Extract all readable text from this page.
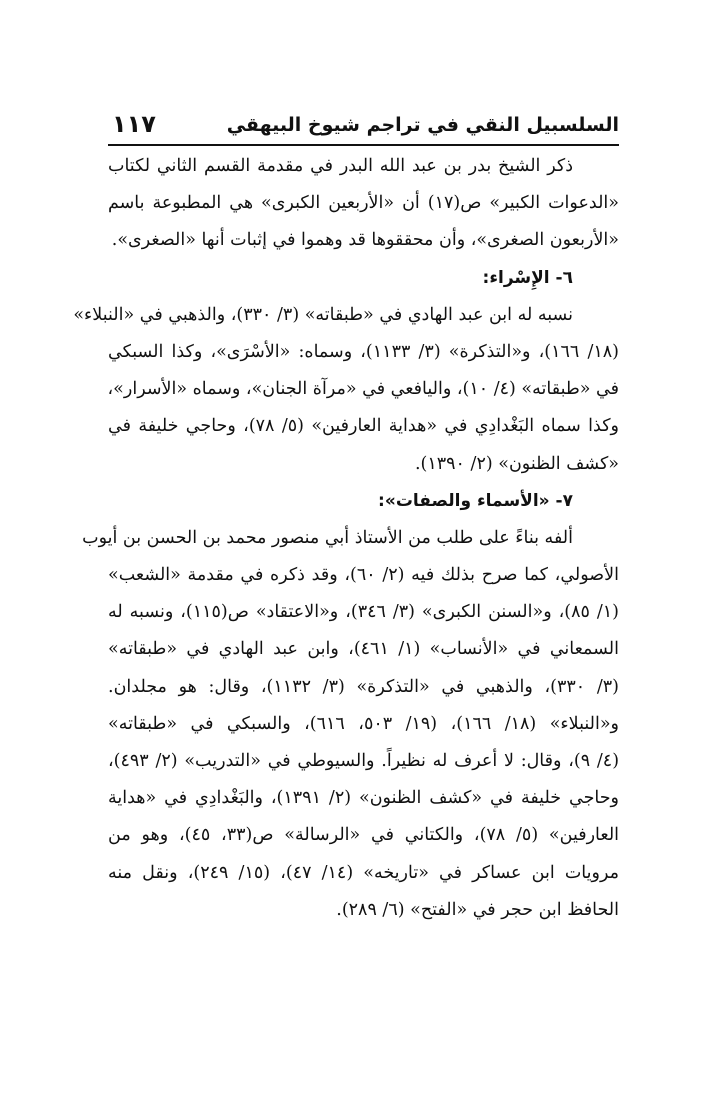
السلسبيل النقي في تراجم شيوخ البيهقي
١١٧
ذكر الشيخ بدر بن عبد الله البدر في مقدمة القسم الثاني لكتاب
«الدعوات الكبير» ص(١٧) أن «الأربعين الكبرى» هي المطبوعة باسم
«الأربعون الصغرى»، وأن محققوها قد وهموا في إثبات أنها «الصغرى».
٦- الإِسْراء:
نسبه له ابن عبد الهادي في «طبقاته» (٣/ ٣٣٠)، والذهبي في «النبلاء»
(١٨/ ١٦٦)، و«التذكرة» (٣/ ١١٣٣)، وسماه: «الأسْرَى»، وكذا السبكي
في «طبقاته» (٤/ ١٠)، واليافعي في «مرآة الجنان»، وسماه «الأسرار»،
وكذا سماه البَغْدادِي في «هداية العارفين» (٥/ ٧٨)، وحاجي خليفة في
«كشف الظنون» (٢/ ١٣٩٠).
٧- «الأسماء والصفات»:
ألفه بناءً على طلب من الأستاذ أبي منصور محمد بن الحسن بن أيوب
الأصولي، كما صرح بذلك فيه (٢/ ٦٠)، وقد ذكره في مقدمة «الشعب»
(١/ ٨٥)، و«السنن الكبرى» (٣/ ٣٤٦)، و«الاعتقاد» ص(١١٥)، ونسبه له
السمعاني في «الأنساب» (١/ ٤٦١)، وابن عبد الهادي في «طبقاته»
(٣/ ٣٣٠)، والذهبي في «التذكرة» (٣/ ١١٣٢)، وقال: هو مجلدان.
و«النبلاء» (١٨/ ١٦٦)، (١٩/ ٥٠٣، ٦١٦)، والسبكي في «طبقاته»
(٤/ ٩)، وقال: لا أعرف له نظيراً. والسيوطي في «التدريب» (٢/ ٤٩٣)،
وحاجي خليفة في «كشف الظنون» (٢/ ١٣٩١)، والبَغْدادِي في «هداية
العارفين» (٥/ ٧٨)، والكتاني في «الرسالة» ص(٣٣، ٤٥)، وهو من
مرويات ابن عساكر في «تاريخه» (١٤/ ٤٧)، (١٥/ ٢٤٩)، ونقل منه
الحافظ ابن حجر في «الفتح» (٦/ ٢٨٩).
